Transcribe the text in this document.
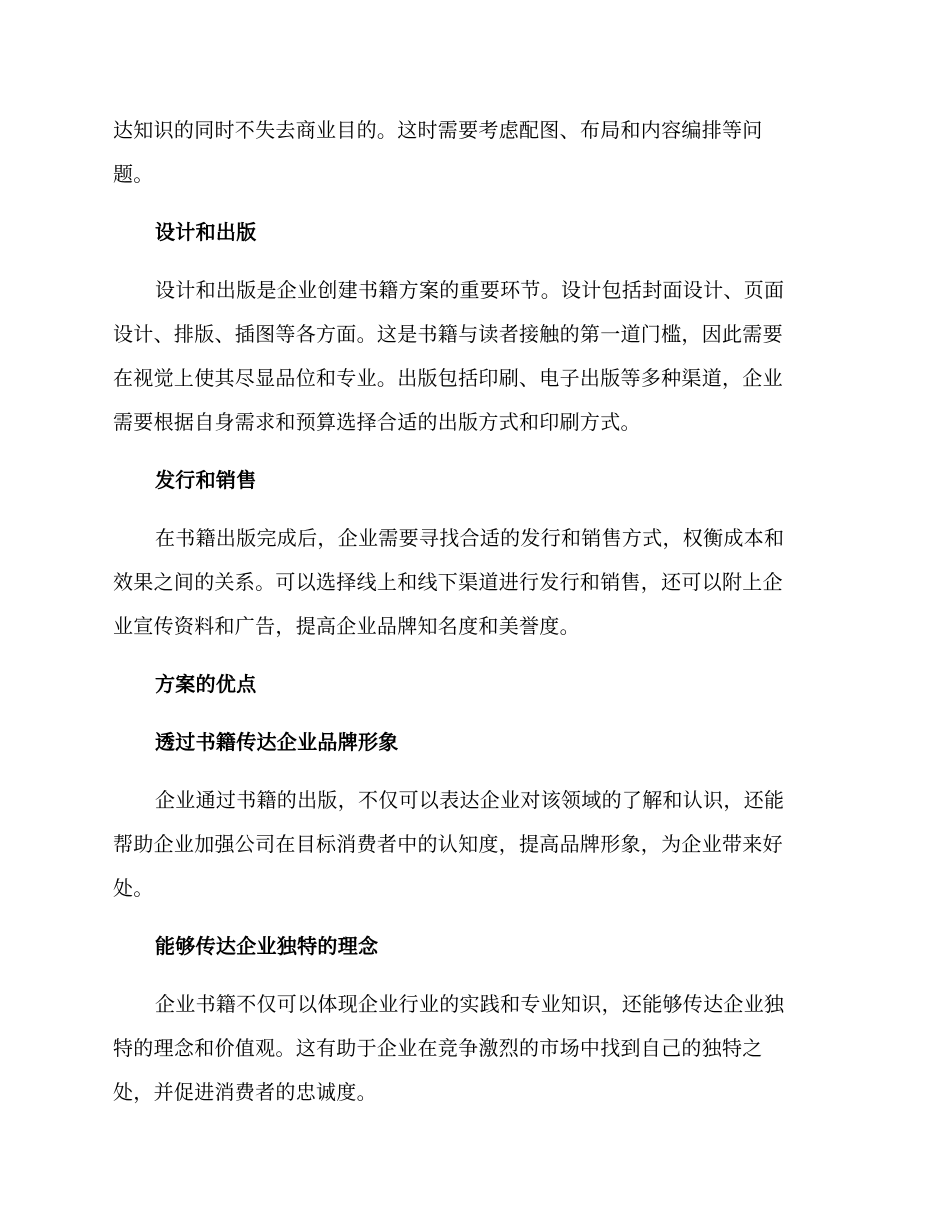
达知识的同时不失去商业目的。这时需要考虑配图、布局和内容编排等问
题。

设计和出版

设计和出版是企业创建书籍方案的重要环节。设计包括封面设计、页面
设计、排版、插图等各方面。这是书籍与读者接触的第一道门槛，因此需要
在视觉上使其尽显品位和专业。出版包括印刷、电子出版等多种渠道，企业
需要根据自身需求和预算选择合适的出版方式和印刷方式。

发行和销售

在书籍出版完成后，企业需要寻找合适的发行和销售方式，权衡成本和
效果之间的关系。可以选择线上和线下渠道进行发行和销售，还可以附上企
业宣传资料和广告，提高企业品牌知名度和美誉度。

方案的优点
透过书籍传达企业品牌形象

企业通过书籍的出版，不仅可以表达企业对该领域的了解和认识，还能
帮助企业加强公司在目标消费者中的认知度，提高品牌形象，为企业带来好
处。

能够传达企业独特的理念

企业书籍不仅可以体现企业行业的实践和专业知识，还能够传达企业独
特的理念和价值观。这有助于企业在竞争激烈的市场中找到自己的独特之
处，并促进消费者的忠诚度。
